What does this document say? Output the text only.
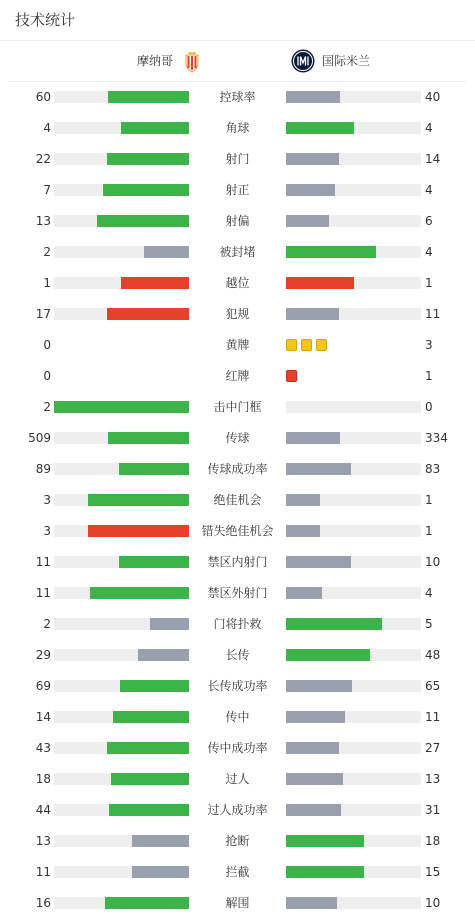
技术统计
摩纳哥	国际米兰
60	控球率	40
4	角球	4
22	射门	14
7	射正	4
13	射偏	6
2	被封堵	4
1	越位	1
17	犯规	11
0	黄牌	3
0	红牌	1
2	击中门框	0
509	传球	334
89	传球成功率	83
3	绝佳机会	1
3	错失绝佳机会	1
11	禁区内射门	10
11	禁区外射门	4
2	门将扑救	5
29	长传	48
69	长传成功率	65
14	传中	11
43	传中成功率	27
18	过人	13
44	过人成功率	31
13	抢断	18
11	拦截	15
16	解围	10
